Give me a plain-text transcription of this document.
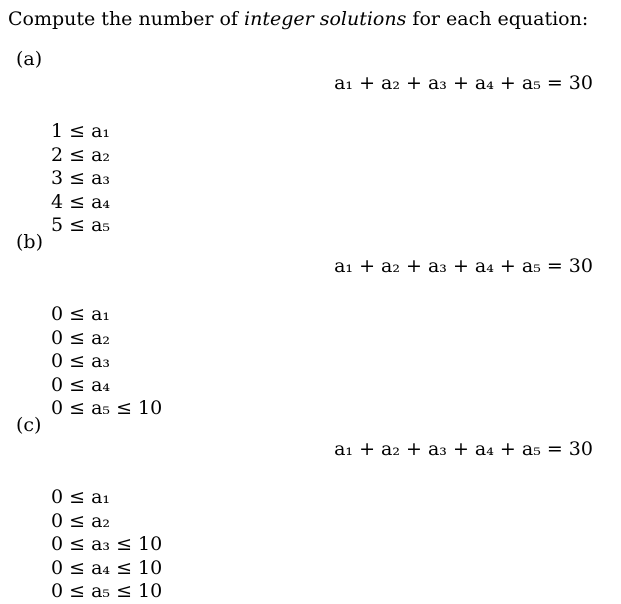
Compute the number of integer solutions for each equation:
(a)
a₁ + a₂ + a₃ + a₄ + a₅ = 30
1 ≤ a₁
2 ≤ a₂
3 ≤ a₃
4 ≤ a₄
5 ≤ a₅
(b)
a₁ + a₂ + a₃ + a₄ + a₅ = 30
0 ≤ a₁
0 ≤ a₂
0 ≤ a₃
0 ≤ a₄
0 ≤ a₅ ≤ 10
(c)
a₁ + a₂ + a₃ + a₄ + a₅ = 30
0 ≤ a₁
0 ≤ a₂
0 ≤ a₃ ≤ 10
0 ≤ a₄ ≤ 10
0 ≤ a₅ ≤ 10
